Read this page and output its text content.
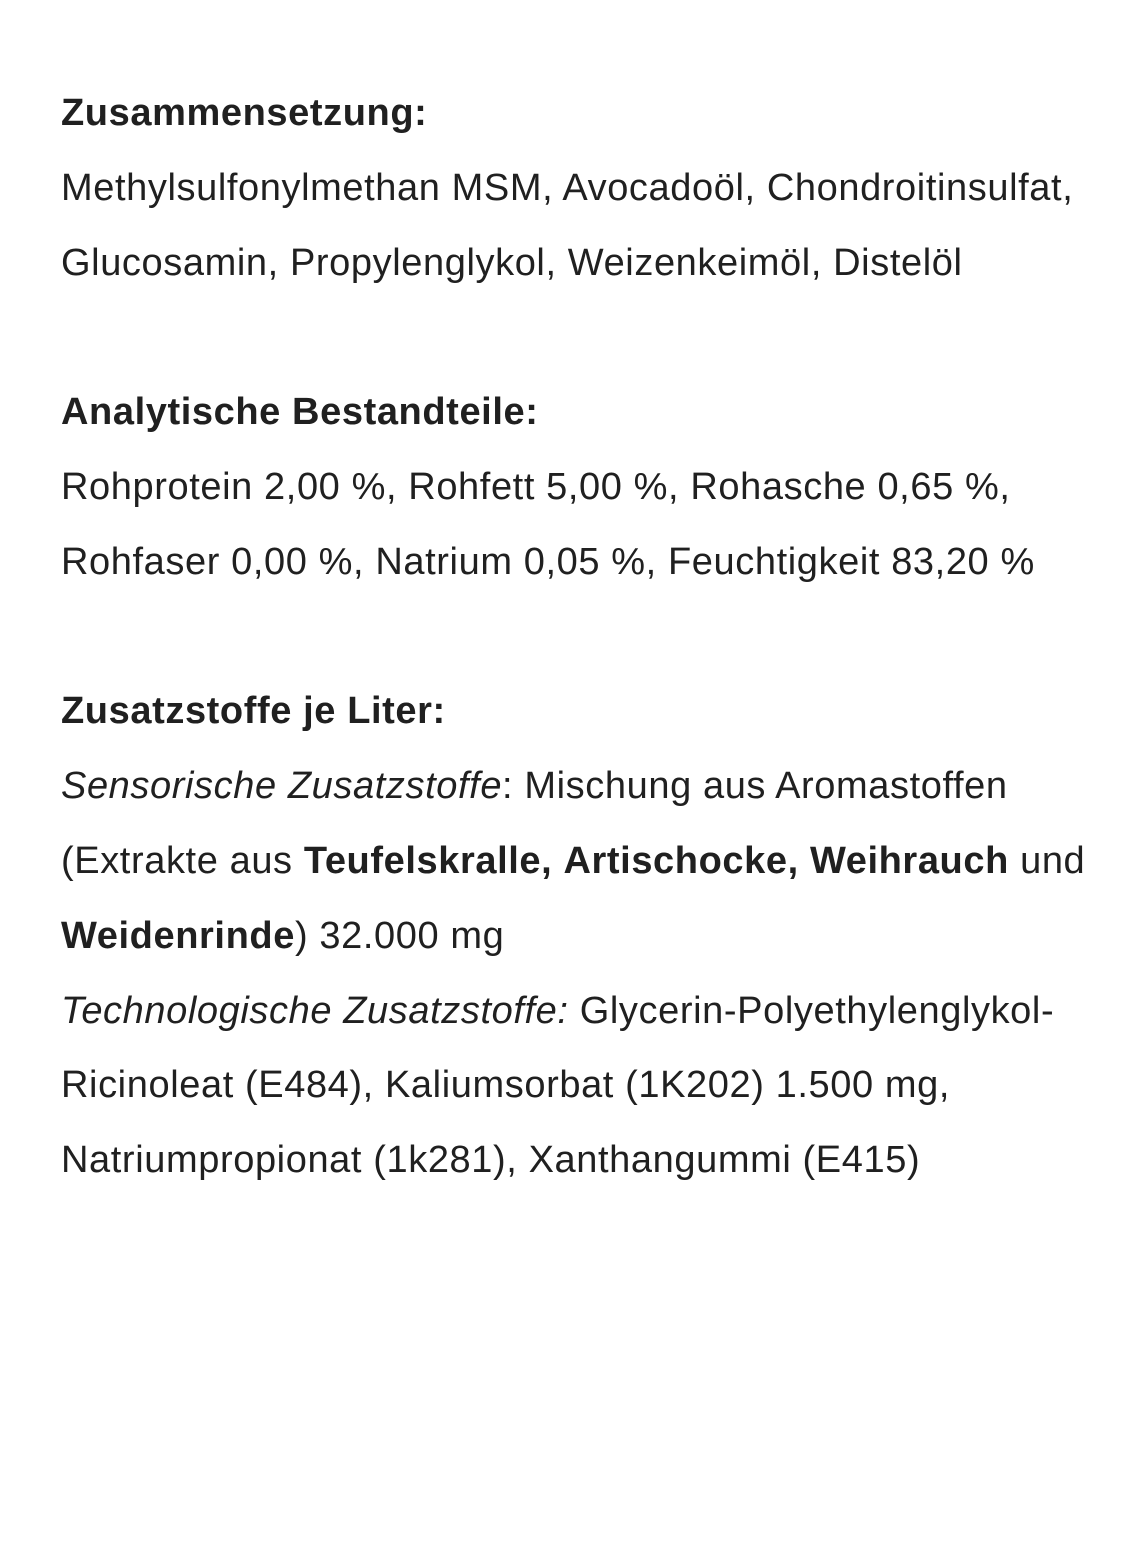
Zusammensetzung:

Methylsulfonylmethan MSM, Avocadoöl, Chondroitinsulfat, Glucosamin, Propylenglykol, Weizenkeimöl, Distelöl

Analytische Bestandteile:

Rohprotein 2,00 %, Rohfett 5,00 %, Rohasche 0,65 %, Rohfaser 0,00 %, Natrium 0,05 %, Feuchtigkeit 83,20 %

Zusatzstoffe je Liter:

Sensorische Zusatzstoffe: Mischung aus Aromastoffen (Extrakte aus Teufelskralle, Artischocke, Weihrauch und Weidenrinde) 32.000 mg

Technologische Zusatzstoffe: Glycerin-Polyethylenglykol-Ricinoleat (E484), Kaliumsorbat (1K202) 1.500 mg, Natriumpropionat (1k281), Xanthangummi (E415)
